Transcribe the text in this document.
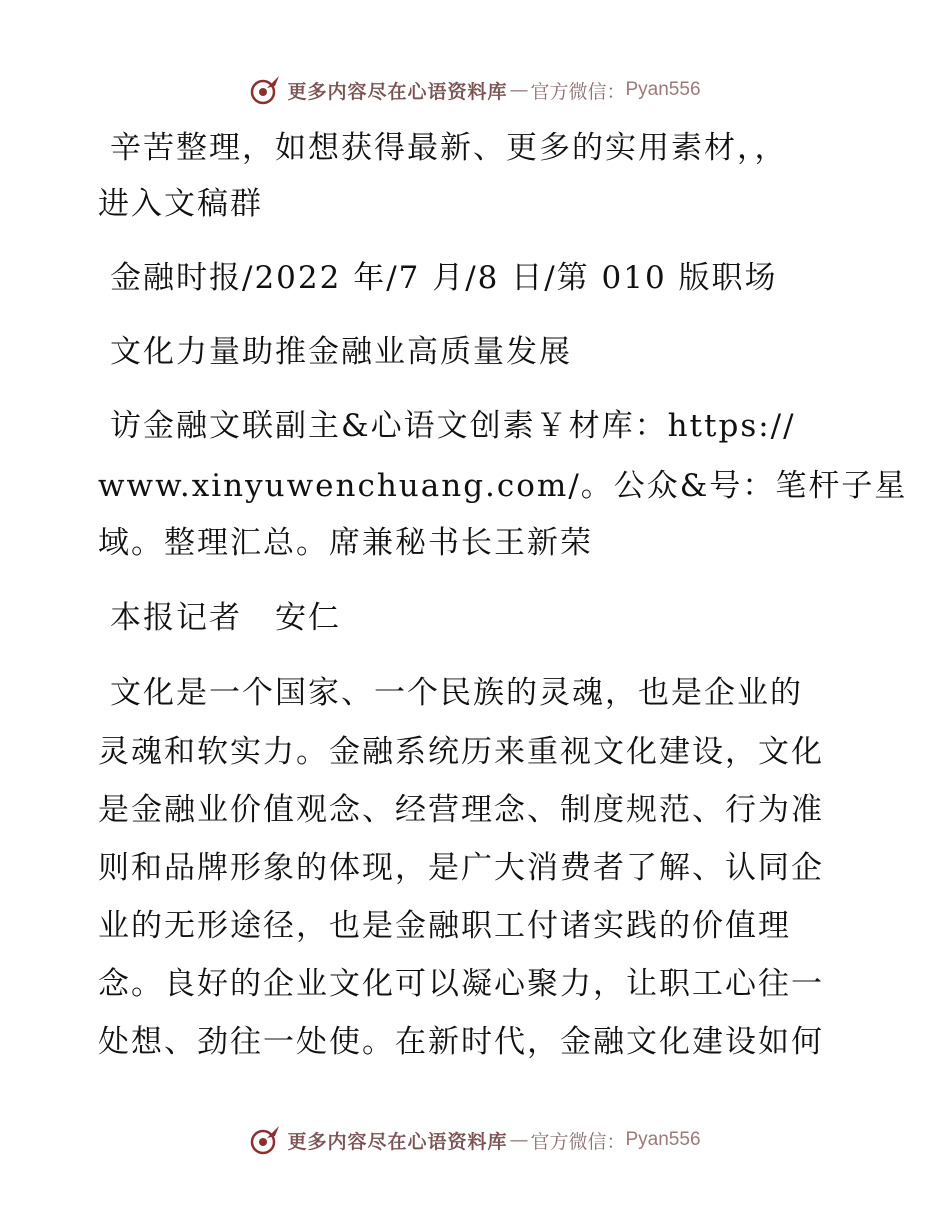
更多内容尽在心语资料库 — 官方微信： Pyan556
辛苦整理，如想获得最新、更多的实用素材，，
进入文稿群
金融时报/2022 年/7 月/8 日/第 010 版职场
文化力量助推金融业高质量发展
访金融文联副主&心语文创素￥材库：https://
www.xinyuwenchuang.com/。公众&号：笔杆子星
域。整理汇总。席兼秘书长王新荣
本报记者　安仁
文化是一个国家、一个民族的灵魂，也是企业的
灵魂和软实力。金融系统历来重视文化建设，文化
是金融业价值观念、经营理念、制度规范、行为准
则和品牌形象的体现，是广大消费者了解、认同企
业的无形途径，也是金融职工付诸实践的价值理
念。良好的企业文化可以凝心聚力，让职工心往一
处想、劲往一处使。在新时代，金融文化建设如何
更多内容尽在心语资料库 — 官方微信： Pyan556
